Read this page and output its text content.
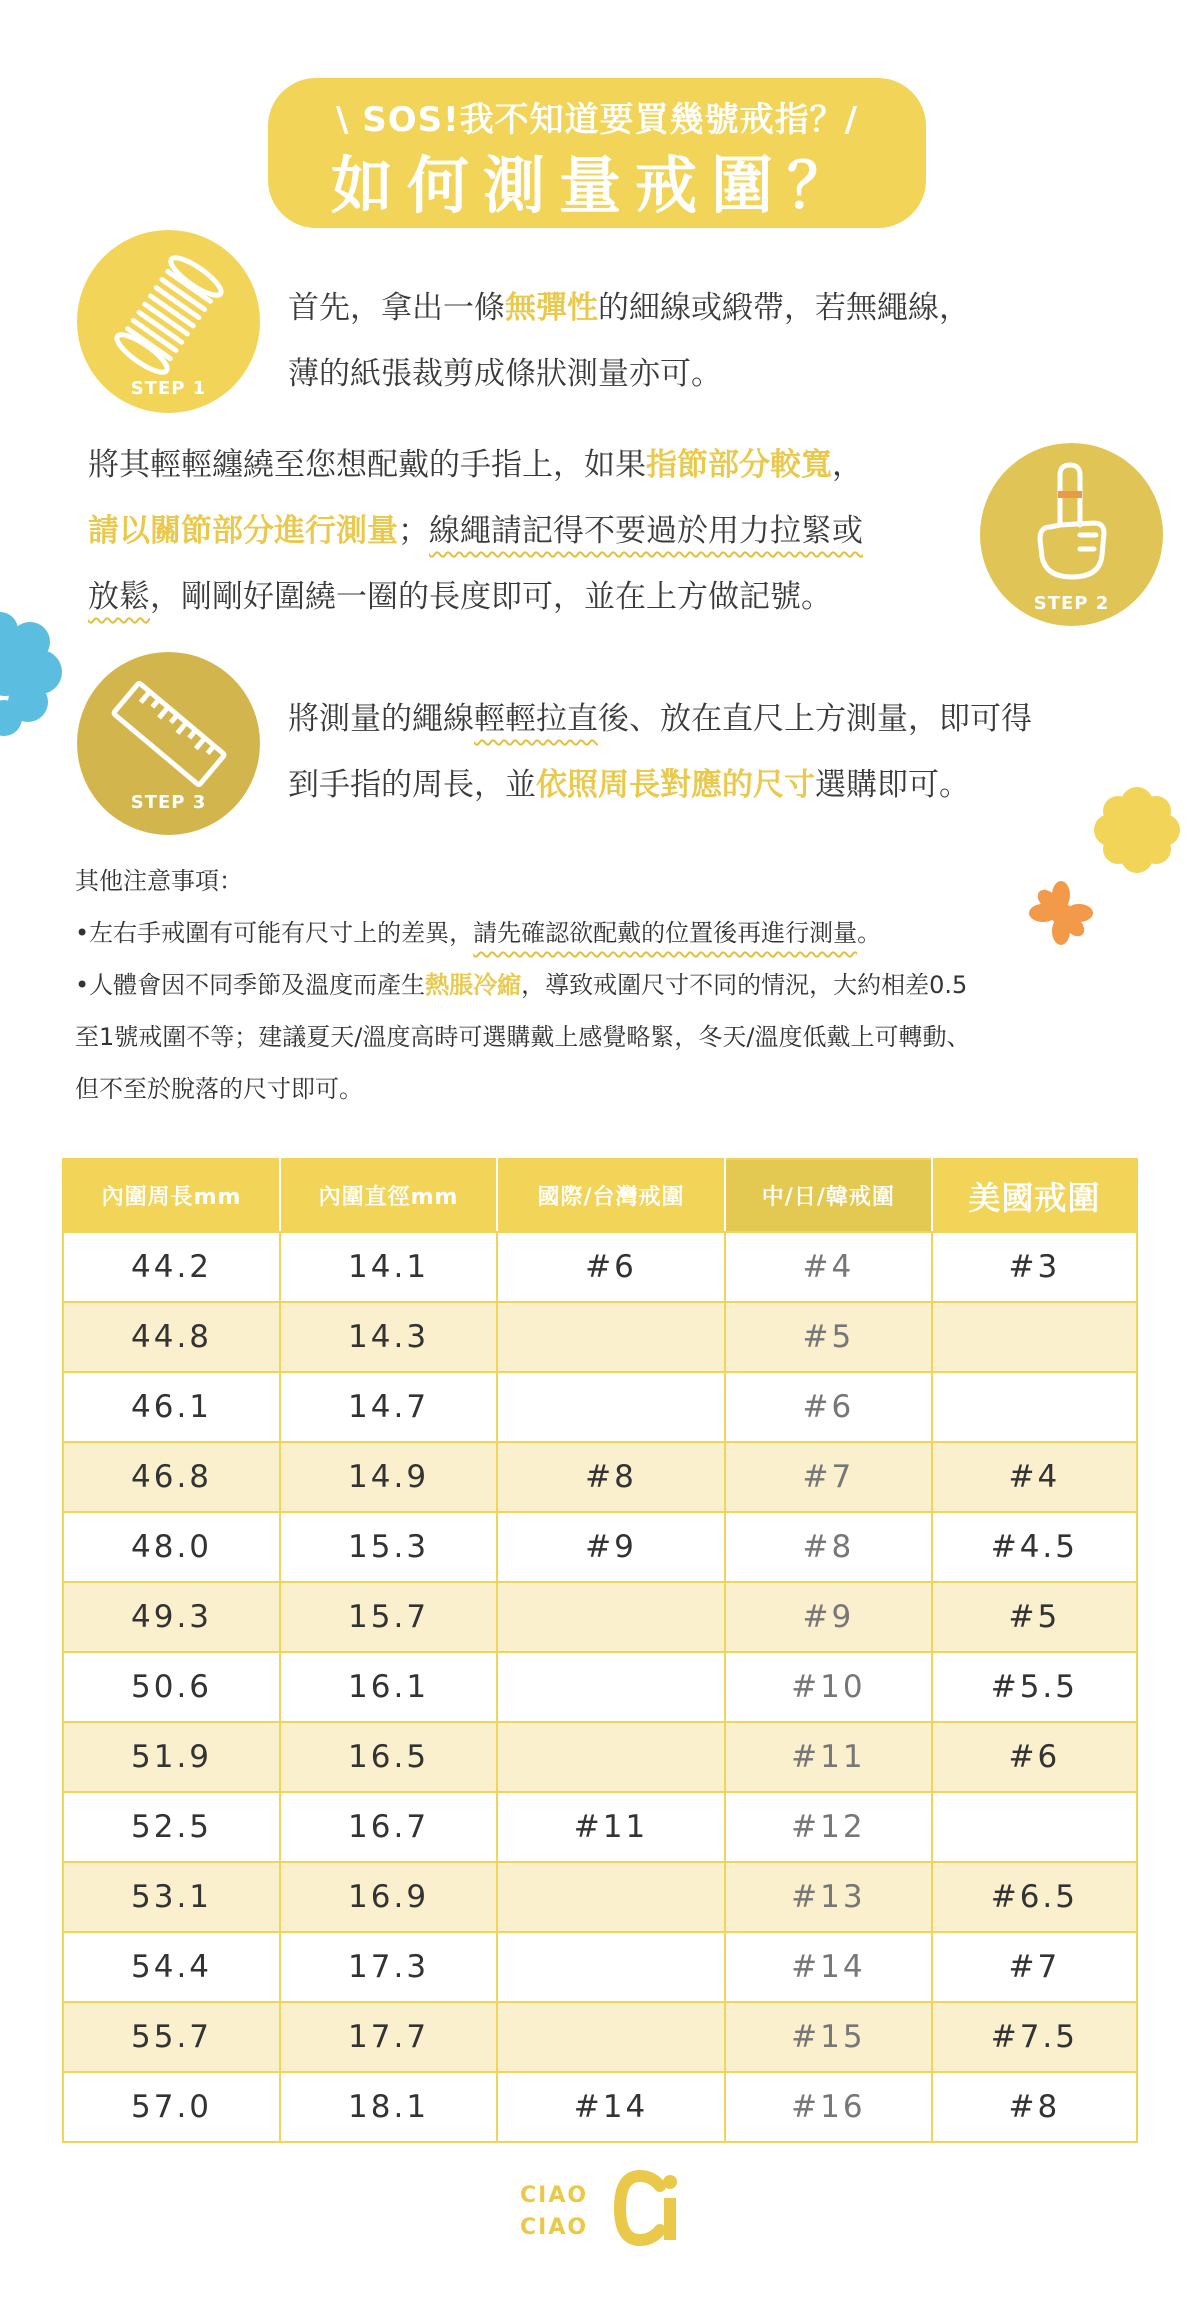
\ SOS!我不知道要買幾號戒指？/
如何測量戒圍？
STEP 1
首先，拿出一條無彈性的細線或緞帶，若無繩線，
薄的紙張裁剪成條狀測量亦可。
將其輕輕纏繞至您想配戴的手指上，如果指節部分較寬，
請以關節部分進行測量；線繩請記得不要過於用力拉緊或
放鬆，剛剛好圍繞一圈的長度即可，並在上方做記號。	STEP 2
STEP 3
將測量的繩線輕輕拉直後、放在直尺上方測量，即可得
到手指的周長，並依照周長對應的尺寸選購即可。
其他注意事項：
•左右手戒圍有可能有尺寸上的差異，請先確認欲配戴的位置後再進行測量。
•人體會因不同季節及溫度而產生熱脹冷縮，導致戒圍尺寸不同的情況，大約相差0.5
至1號戒圍不等；建議夏天/溫度高時可選購戴上感覺略緊，冬天/溫度低戴上可轉動、
但不至於脫落的尺寸即可。
內圍周長mm	內圍直徑mm	國際/台灣戒圍	中/日/韓戒圍	美國戒圍
44.2	14.1	#6	#4	#3
44.8	14.3		#5	
46.1	14.7		#6	
46.8	14.9	#8	#7	#4
48.0	15.3	#9	#8	#4.5
49.3	15.7		#9	#5
50.6	16.1		#10	#5.5
51.9	16.5		#11	#6
52.5	16.7	#11	#12	
53.1	16.9		#13	#6.5
54.4	17.3		#14	#7
55.7	17.7		#15	#7.5
57.0	18.1	#14	#16	#8
CIAO
CIAO
